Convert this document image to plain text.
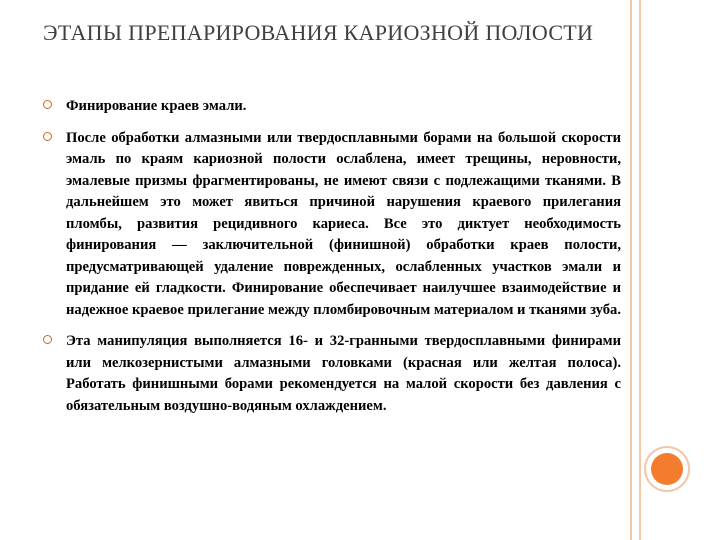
ЭТАПЫ ПРЕПАРИРОВАНИЯ КАРИОЗНОЙ ПОЛОСТИ
Финирование краев эмали.
После обработки алмазными или твердосплавными борами на большой скорости эмаль по краям кариозной полости ослаблена, имеет трещины, неровности, эмалевые призмы фрагментированы, не имеют связи с подлежащими тканями. В дальнейшем это может явиться причиной нарушения краевого прилегания пломбы, развития рецидивного кариеса. Все это диктует необходимость финирования — заключительной (финишной) обработки краев полости, предусматривающей удаление поврежденных, ослабленных участков эмали и придание ей гладкости. Финирование обеспечивает наилучшее взаимодействие и надежное краевое прилегание между пломбировочным материалом и тканями зуба.
Эта манипуляция выполняется 16- и 32-гранными твердосплавными финирами или мелкозернистыми алмазными головками (красная или желтая полоса). Работать финишными борами рекомендуется на малой скорости без давления с обязательным воздушно-водяным охлаждением.
